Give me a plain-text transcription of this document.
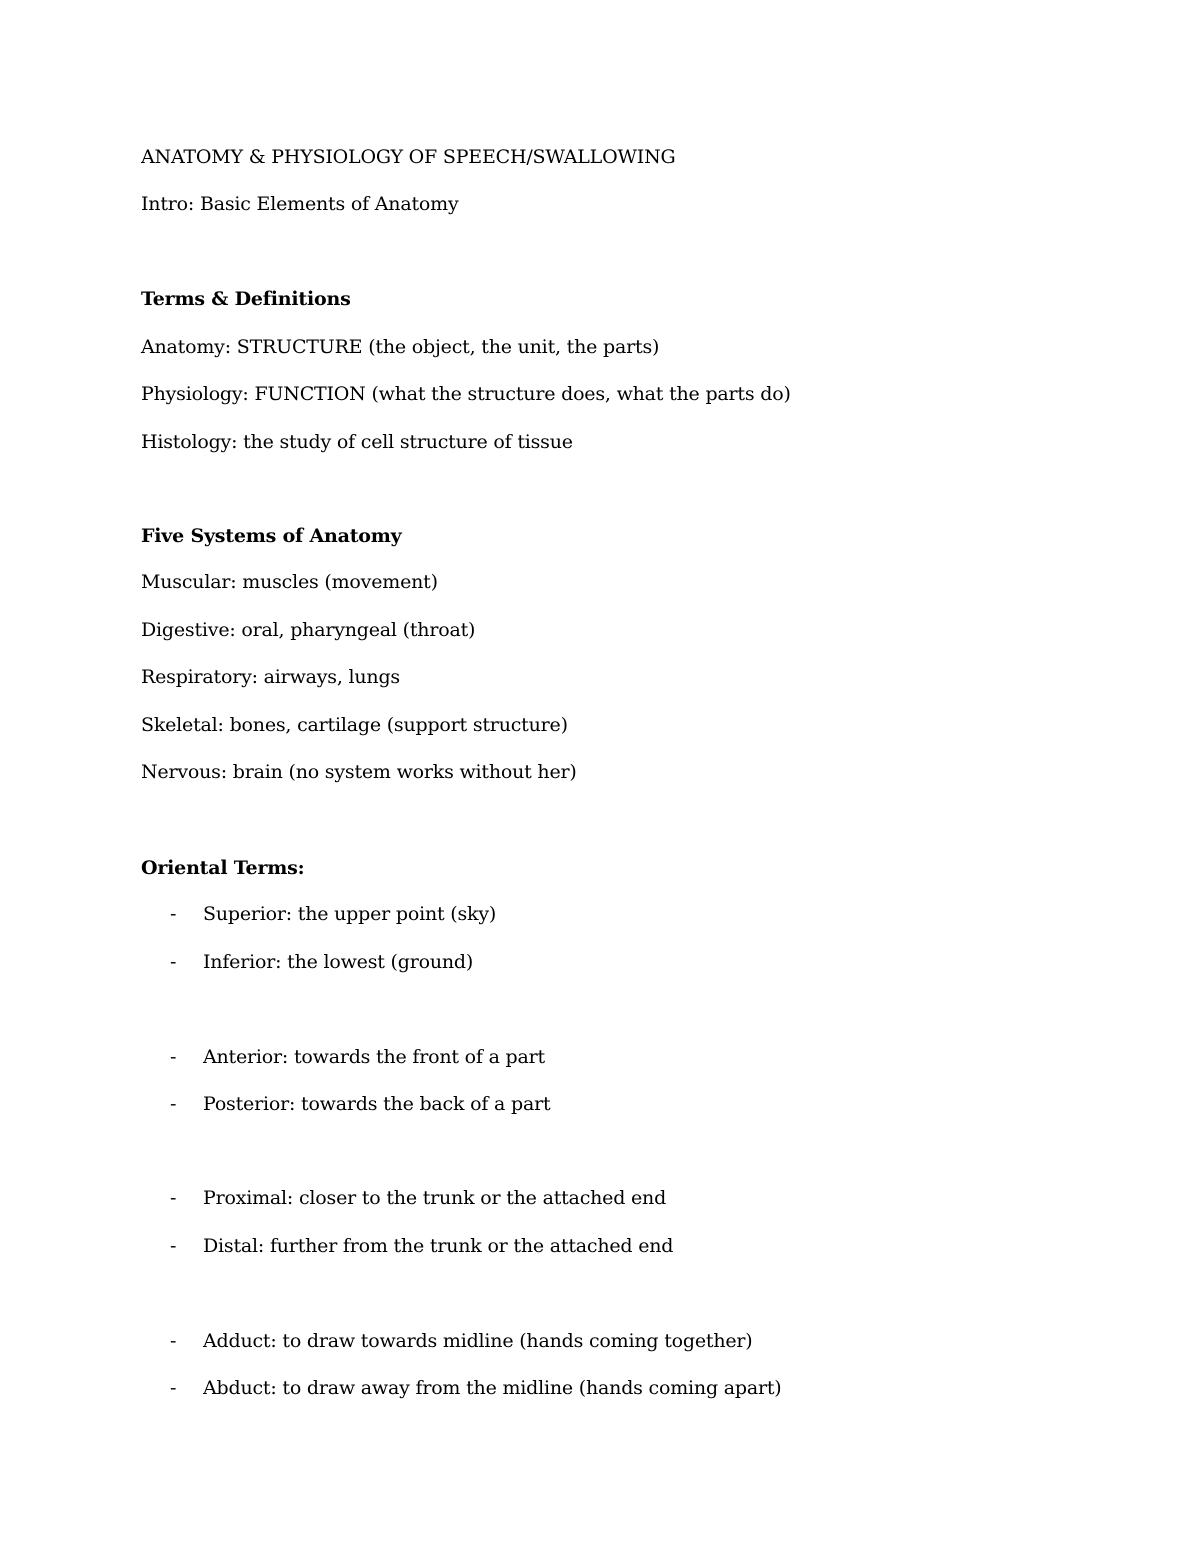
ANATOMY & PHYSIOLOGY OF SPEECH/SWALLOWING
Intro: Basic Elements of Anatomy
Terms & Definitions
Anatomy: STRUCTURE (the object, the unit, the parts)
Physiology: FUNCTION (what the structure does, what the parts do)
Histology: the study of cell structure of tissue
Five Systems of Anatomy
Muscular: muscles (movement)
Digestive: oral, pharyngeal (throat)
Respiratory: airways, lungs
Skeletal: bones, cartilage (support structure)
Nervous: brain (no system works without her)
Oriental Terms:
- Superior: the upper point (sky)
- Inferior: the lowest (ground)
- Anterior: towards the front of a part
- Posterior: towards the back of a part
- Proximal: closer to the trunk or the attached end
- Distal: further from the trunk or the attached end
- Adduct: to draw towards midline (hands coming together)
- Abduct: to draw away from the midline (hands coming apart)
